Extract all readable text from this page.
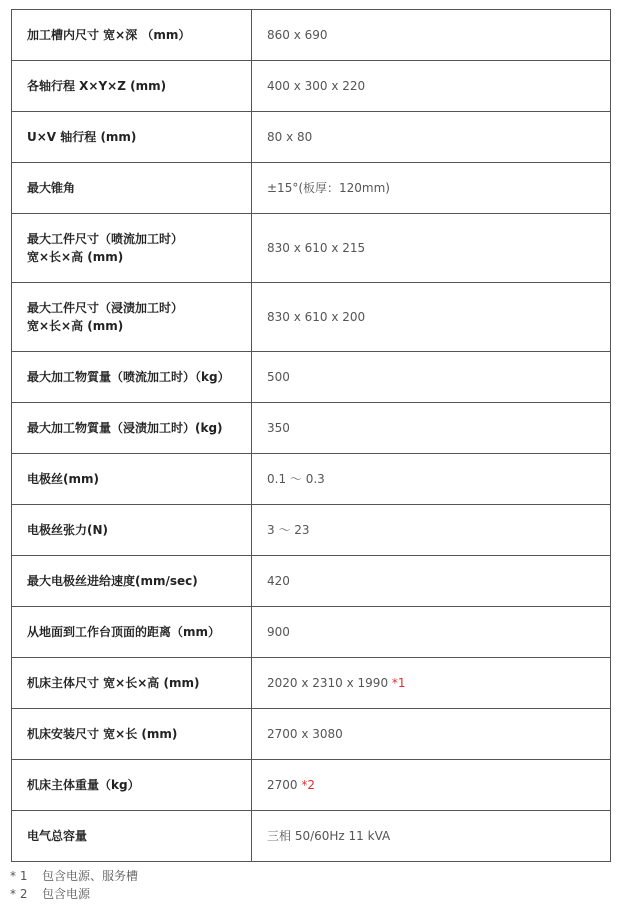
加工槽内尺寸 宽×深 （mm）	860 x 690
各轴行程 X×Y×Z (mm)	400 x 300 x 220
U×V 轴行程 (mm)	80 x 80
最大锥角	±15°(板厚：120mm)
最大工件尺寸（喷流加工时）
宽×长×高 (mm)	830 x 610 x 215
最大工件尺寸（浸渍加工时）
宽×长×高 (mm)	830 x 610 x 200
最大加工物質量（喷流加工时）（kg）	500
最大加工物質量（浸渍加工时）(kg)	350
电极丝(mm)	0.1 ～ 0.3
电极丝张力(N)	3 ～ 23
最大电极丝进给速度(mm/sec)	420
从地面到工作台顶面的距离（mm）	900
机床主体尺寸 宽×长×高 (mm)	2020 x 2310 x 1990 *1
机床安装尺寸 宽×长 (mm)	2700 x 3080
机床主体重量（kg）	2700 *2
电气总容量	三相 50/60Hz 11 kVA
* 1 包含电源、服务槽
* 2 包含电源
